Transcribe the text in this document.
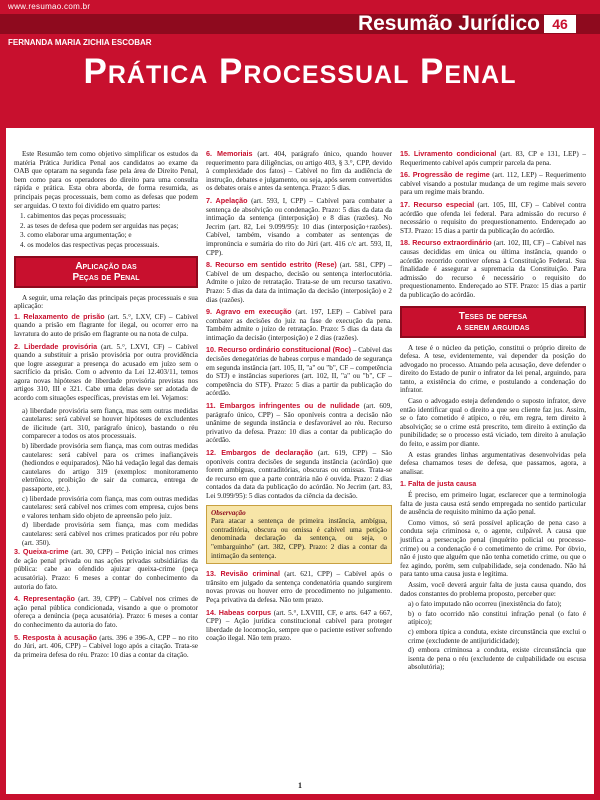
www.resumao.com.br
Resumão Jurídico 46
FERNANDA MARIA ZICHIA ESCOBAR
Prática Processual Penal
Este Resumão tem como objetivo simplificar os estudos da matéria Prática Jurídica Penal aos candidatos ao exame da OAB que optaram na segunda fase pela área de Direito Penal, bem como para os operadores do direito para uma consulta rápida e prática. Esta obra aborda, de forma resumida, as principais peças processuais, bem como as defesas que podem ser arguidas. O texto foi dividido em quatro partes:
1. cabimentos das peças processuais;
2. as teses de defesa que podem ser arguidas nas peças;
3. como elaborar uma argumentação; e
4. os modelos das respectivas peças processuais.
Aplicação das
Peças de Penal
A seguir, uma relação das principais peças processuais e sua aplicação:
1. Relaxamento de prisão (art. 5.°, LXV, CF) – Cabível quando a prisão em flagrante for ilegal, ou ocorrer erro na lavratura do auto de prisão em flagrante ou na nota de culpa.
2. Liberdade provisória (art. 5.°, LXVI, CF) – Cabível quando a substituir a prisão provisória por outra providência que logre assegurar a presença do acusado em juízo sem o sacrifício da prisão. Com o advento da Lei 12.403/11, temos agora novas hipóteses de liberdade provisória previstas nos artigos 310, III e 321. Cabe uma delas deve ser adotada de acordo com situações específicas, previstas em lei. Vejamos:
a) liberdade provisória sem fiança, mas sem outras medidas cautelares: será cabível se houver hipóteses de excludentes de ilicitude (art. 310, parágrafo único), bastando o réu comparecer a todos os atos processuais.
b) liberdade provisória sem fiança, mas com outras medidas cautelares: será cabível para os crimes inafiançáveis (hediondos e equiparados). Não há vedação legal das demais cautelares do artigo 319 (exemplos: monitoramento eletrônico, proibição de sair da comarca, entrega de passaporte, etc.).
c) liberdade provisória com fiança, mas com outras medidas cautelares: será cabível nos crimes com empresa, cujos bens e valores tenham sido objeto de apreensão pelo juiz.
d) liberdade provisória sem fiança, mas com medidas cautelares: será cabível nos crimes praticados por réu pobre (art. 350).
3. Queixa-crime (art. 30, CPP) – Petição inicial nos crimes de ação penal privada ou nas ações privadas subsidiárias da pública: cabe ao ofendido ajuizar queixa-crime (peça acusatória). Prazo: 6 meses a contar do conhecimento da autoria do fato.
4. Representação (art. 39, CPP) – Cabível nos crimes de ação penal pública condicionada, visando a que o promotor ofereça a denúncia (peça acusatória). Prazo: 6 meses a contar do conhecimento da autoria do fato.
5. Resposta à acusação (arts. 396 e 396-A, CPP – no rito do Júri, art. 406, CPP) – Cabível logo após a citação. Trata-se da primeira defesa do réu. Prazo: 10 dias a contar da citação.
6. Memoriais (art. 404, parágrafo único, quando houver requerimento para diligências, ou artigo 403, § 3.°, CPP, devido à complexidade dos fatos) – Cabível no fim da audiência de instrução, debates e julgamento, ou seja, após serem convertidos os debates orais e antes da sentença. Prazo: 5 dias.
7. Apelação (art. 593, I, CPP) – Cabível para combater a sentença de absolvição ou condenação. Prazo: 5 dias da data da intimação da sentença (interposição) e 8 dias (razões). No Jecrim (art. 82, Lei 9.099/95): 10 dias (interposição+razões). Cabível, também, visando a combater as sentenças de impronúncia e sumária do rito do Júri (art. 416 c/c art. 593, II, CPP).
8. Recurso em sentido estrito (Rese) (art. 581, CPP) – Cabível de um despacho, decisão ou sentença interlocutória. Admite o juízo de retratação. Trata-se de um recurso taxativo. Prazo: 5 dias da data da intimação da decisão (interposição) e 2 dias (razões).
9. Agravo em execução (art. 197, LEP) – Cabível para combater as decisões do juiz na fase de execução da pena. Também admite o juízo de retratação. Prazo: 5 dias da data da intimação da decisão (interposição) e 2 dias (razões).
10. Recurso ordinário constitucional (Roc) – Cabível das decisões denegatórias de habeas corpus e mandado de segurança em segunda instância (art. 105, II, "a" ou "b", CF – competência do STJ) e instâncias superiores (art. 102, II, "a" ou "b", CF – competência do STF). Prazo: 5 dias a partir da publicação do acórdão.
11. Embargos infringentes ou de nulidade (art. 609, parágrafo único, CPP) – São oponíveis contra a decisão não unânime de segunda instância e desfavorável ao réu. Recurso privativo da defesa. Prazo: 10 dias a contar da publicação do acórdão.
12. Embargos de declaração (art. 619, CPP) – São oponíveis contra decisões de segunda instância (acórdão) que forem ambíguas, contraditórias, obscuras ou omissas. Trata-se de recurso em que a parte contrária não é ouvida. Prazo: 2 dias contados da data da publicação do acórdão. No Jecrim (art. 83, Lei 9.099/95): 5 dias contados da ciência da decisão.
Observação
Para atacar a sentença de primeira instância, ambígua, contraditória, obscura ou omissa é cabível uma petição denominada declaração da sentença, ou seja, o "embarguinho" (art. 382, CPP). Prazo: 2 dias a contar da intimação da sentença.
13. Revisão criminal (art. 621, CPP) – Cabível após o trânsito em julgado da sentença condenatória quando surgirem novas provas ou houver erro de procedimento no julgamento. Peça privativa da defesa. Não tem prazo.
14. Habeas corpus (art. 5.°, LXVIII, CF, e arts. 647 a 667, CPP) – Ação jurídica constitucional cabível para proteger liberdade de locomoção, sempre que o paciente estiver sofrendo coação ilegal. Não tem prazo.
15. Livramento condicional (art. 83, CP e 131, LEP) – Requerimento cabível após cumprir parcela da pena.
16. Progressão de regime (art. 112, LEP) – Requerimento cabível visando a postular mudança de um regime mais severo para um regime mais brando.
17. Recurso especial (art. 105, III, CF) – Cabível contra acórdão que ofenda lei federal. Para admissão do recurso é necessário o requisito do prequestionamento. Endereçado ao STJ. Prazo: 15 dias a partir da publicação do acórdão.
18. Recurso extraordinário (art. 102, III, CF) – Cabível nas causas decididas em única ou última instância, quando o acórdão recorrido contiver ofensa à Constituição Federal. Sua finalidade é assegurar a supremacia da Constituição. Para admissão do recurso é necessário o requisito do prequestionamento. Endereçado ao STF. Prazo: 15 dias a partir da publicação do acórdão.
Teses de defesa
a serem arguidas
A tese é o núcleo da petição, constitui o próprio direito de defesa. A tese, evidentemente, vai depender da posição do advogado no processo. Atuando pela acusação, deve defender o direito do Estado de punir o infrator da lei penal, arguindo, para tanto, a existência do crime, e postulando a condenação do infrator.
Caso o advogado esteja defendendo o suposto infrator, deve então identificar qual o direito a que seu cliente faz jus. Assim, se o fato cometido é atípico, o réu, em regra, tem direito à absolvição; se o crime está prescrito, tem direito à extinção da punibilidade; se o processo está viciado, tem direito à anulação do feito, e assim por diante.
A estas grandes linhas argumentativas desenvolvidas pela defesa chamamos teses de defesa, que passamos, agora, a analisar.
1. Falta de justa causa
É preciso, em primeiro lugar, esclarecer que a terminologia falta de justa causa está sendo empregada no sentido particular de ausência de requisito mínimo da ação penal.
Como vimos, só será possível aplicação de pena caso a conduta seja criminosa e, o agente, culpável. A causa que justifica a persecução penal (inquérito policial ou processo-crime) ou a condenação é o cometimento de crime. Por óbvio, não é justo que alguém que não tenha cometido crime, ou que o fez agindo, porém, sem culpabilidade, seja condenado. Não há para tanto uma causa justa e legítima.
Assim, você deverá arguir falta de justa causa quando, dos dados constantes do problema proposto, perceber que:
a) o fato imputado não ocorreu (inexistência do fato);
b) o fato ocorrido não constitui infração penal (o fato é atípico);
c) embora típica a conduta, existe circunstância que exclui o crime (excludente de antijuridicidade);
d) embora criminosa a conduta, existe circunstância que isenta de pena o réu (excludente de culpabilidade ou escusa absolutória);
1
